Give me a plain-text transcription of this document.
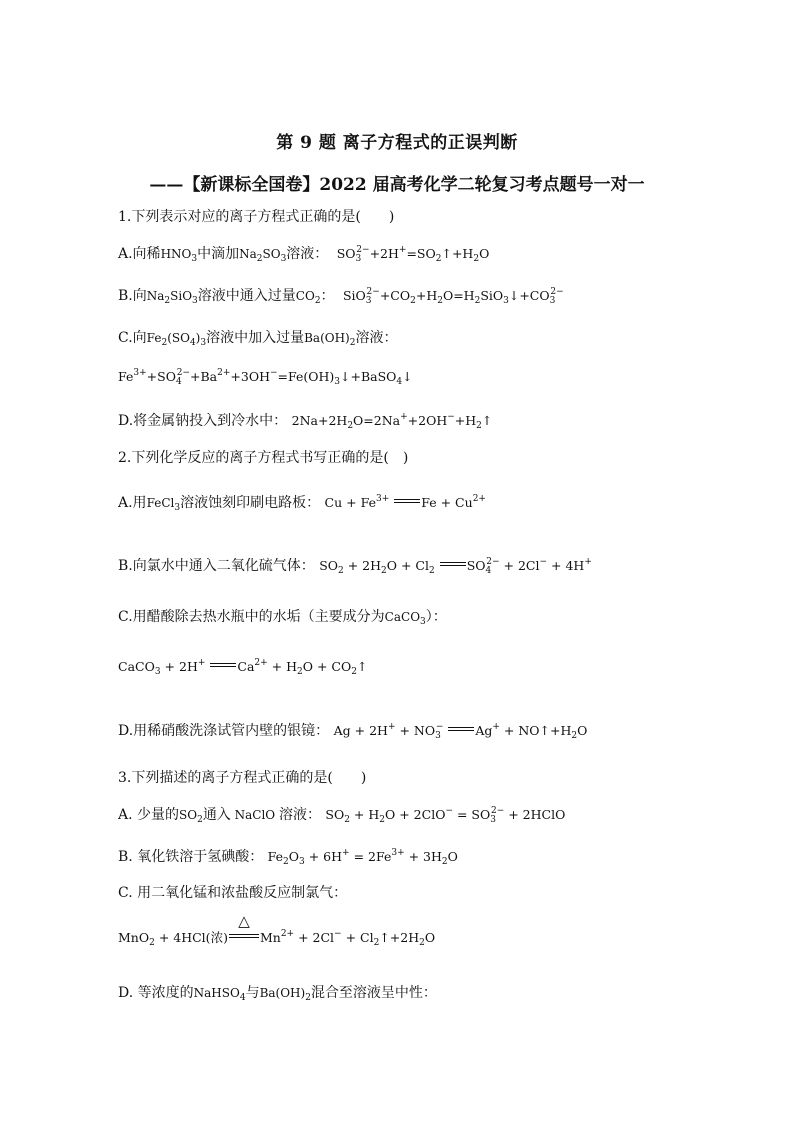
第 9 题 离子方程式的正误判断
——【新课标全国卷】2022 届高考化学二轮复习考点题号一对一
1.下列表示对应的离子方程式正确的是(　　)
A.向稀$HNO_3$中滴加$Na_2SO_3$溶液：  $SO_3^{2-}+2H^+=SO_2↑+H_2O$
B.向$Na_2SiO_3$溶液中通入过量$CO_2$：  $SiO_3^{2-}+CO_2+H_2O=H_2SiO_3↓+CO_3^{2-}$
C.向$Fe_2(SO_4)_3$溶液中加入过量$Ba(OH)_2$溶液：
$Fe^{3+}+SO_4^{2-}+Ba^{2+}+3OH^-=Fe(OH)_3↓+BaSO_4↓$
D.将金属钠投入到冷水中： $2Na+2H_2O=2Na^++2OH^-+H_2↑$
2.下列化学反应的离子方程式书写正确的是(　)
A.用FeCl$_3$溶液蚀刻印刷电路板： $Cu + Fe^{3+}$	$Fe + Cu^{2+}$
B.向氯水中通入二氧化硫气体： $SO_2 + 2H_2O + Cl_2$	$SO_4^{2-} + 2Cl^- + 4H^+$
C.用醋酸除去热水瓶中的水垢（主要成分为CaCO$_3$）：
CaCO$_3$ + 2H+	$Ca^{2+} + H_2O$ + $CO_2↑$
D.用稀硝酸洗涤试管内壁的银镜： $Ag + 2H^+ + NO_3^-$	$Ag^+ + NO↑+H_2O$
3.下列描述的离子方程式正确的是(　　)
A. 少量的$SO_2$通入 NaClO 溶液： $SO_2 + H_2O + 2ClO^- = SO_3^{2-}$ + 2HClO
B. 氧化铁溶于氢碘酸： $Fe_2O_3 + 6H^+ = 2Fe^{3+} + 3H_2O$
C. 用二氧化锰和浓盐酸反应制氯气：
MnO$_2$ + 4HCl(浓)
△
$Mn^{2+} + 2Cl^-$ + $Cl_2↑+2H_2O$
D. 等浓度的NaHSO$_4$与$Ba(OH)_2$混合至溶液呈中性：
